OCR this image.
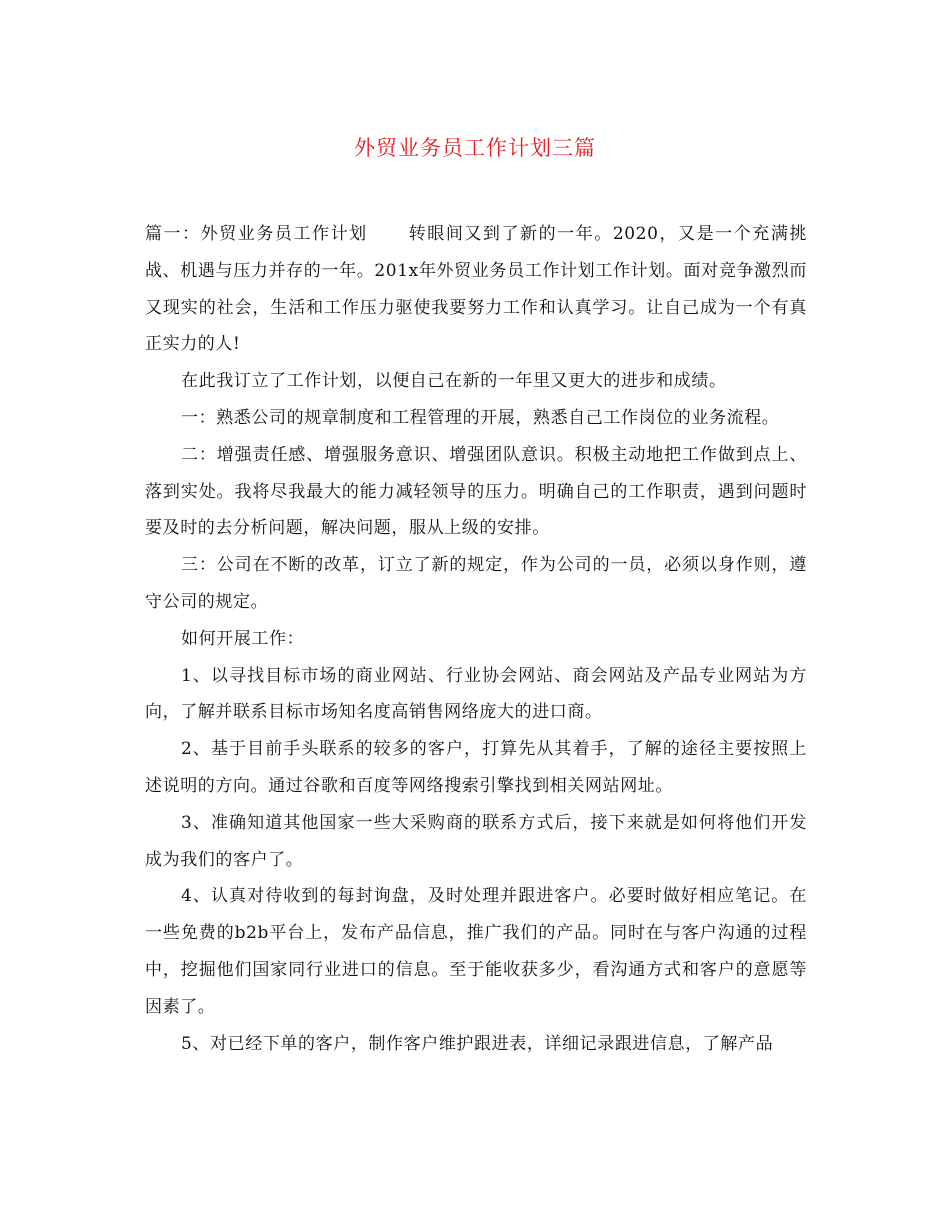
外贸业务员工作计划三篇

篇一：外贸业务员工作计划 转眼间又到了新的一年。2020，又是一个充满挑战、机遇与压力并存的一年。201x年外贸业务员工作计划工作计划。面对竞争激烈而又现实的社会，生活和工作压力驱使我要努力工作和认真学习。让自己成为一个有真正实力的人!

在此我订立了工作计划，以便自己在新的一年里又更大的进步和成绩。

一：熟悉公司的规章制度和工程管理的开展，熟悉自己工作岗位的业务流程。

二：增强责任感、增强服务意识、增强团队意识。积极主动地把工作做到点上、落到实处。我将尽我最大的能力减轻领导的压力。明确自己的工作职责，遇到问题时要及时的去分析问题，解决问题，服从上级的安排。

三：公司在不断的改革，订立了新的规定，作为公司的一员，必须以身作则，遵守公司的规定。

如何开展工作：

1、以寻找目标市场的商业网站、行业协会网站、商会网站及产品专业网站为方向，了解并联系目标市场知名度高销售网络庞大的进口商。

2、基于目前手头联系的较多的客户，打算先从其着手，了解的途径主要按照上述说明的方向。通过谷歌和百度等网络搜索引擎找到相关网站网址。

3、准确知道其他国家一些大采购商的联系方式后，接下来就是如何将他们开发成为我们的客户了。

4、认真对待收到的每封询盘，及时处理并跟进客户。必要时做好相应笔记。在一些免费的b2b平台上，发布产品信息，推广我们的产品。同时在与客户沟通的过程中，挖掘他们国家同行业进口的信息。至于能收获多少，看沟通方式和客户的意愿等因素了。

5、对已经下单的客户，制作客户维护跟进表，详细记录跟进信息，了解产品
